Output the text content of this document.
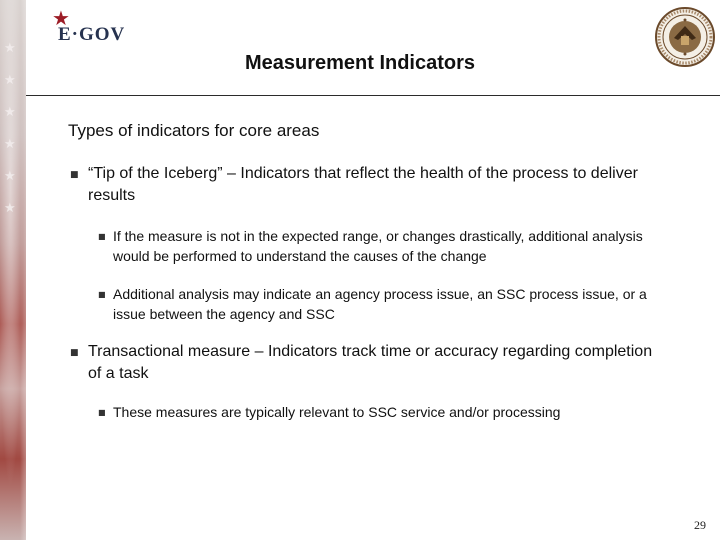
★
★
★
★
★
★
★
E·GOV
Measurement Indicators
Types of indicators for core areas
■ “Tip of the Iceberg” – Indicators that reflect the health of the process to deliver results
■ If the measure is not in the expected range, or changes drastically, additional analysis would be performed to understand the causes of the change
■ Additional analysis may indicate an agency process issue, an SSC process issue, or a issue between the agency and SSC
■ Transactional measure – Indicators track time or accuracy regarding completion of a task
■ These measures are typically relevant to SSC service and/or processing
29
